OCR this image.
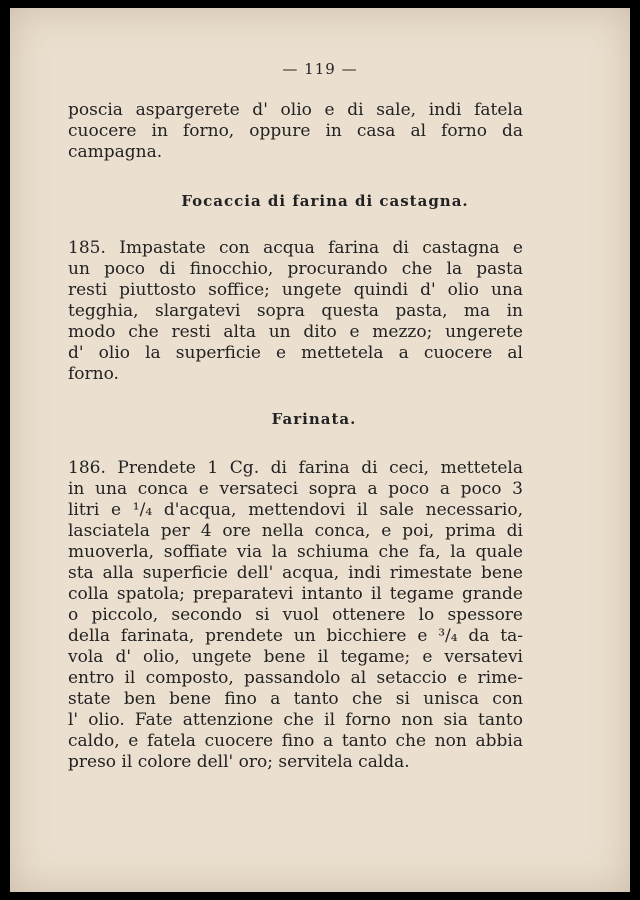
— 119 —
poscia aspargerete d' olio e di sale, indi fatela
cuocere in forno, oppure in casa al forno da
campagna.
Focaccia di farina di castagna.
185. Impastate con acqua farina di castagna e
un poco di finocchio, procurando che la pasta
resti piuttosto soffice; ungete quindi d' olio una
tegghia, slargatevi sopra questa pasta, ma in
modo che resti alta un dito e mezzo; ungerete
d' olio la superficie e mettetela a cuocere al
forno.
Farinata.
186. Prendete 1 Cg. di farina di ceci, mettetela
in una conca e versateci sopra a poco a poco 3
litri e ¹/₄ d'acqua, mettendovi il sale necessario,
lasciatela per 4 ore nella conca, e poi, prima di
muoverla, soffiate via la schiuma che fa, la quale
sta alla superficie dell' acqua, indi rimestate bene
colla spatola; preparatevi intanto il tegame grande
o piccolo, secondo si vuol ottenere lo spessore
della farinata, prendete un bicchiere e ³/₄ da ta-
vola d' olio, ungete bene il tegame; e versatevi
entro il composto, passandolo al setaccio e rime-
state ben bene fino a tanto che si unisca con
l' olio. Fate attenzione che il forno non sia tanto
caldo, e fatela cuocere fino a tanto che non abbia
preso il colore dell' oro; servitela calda.
